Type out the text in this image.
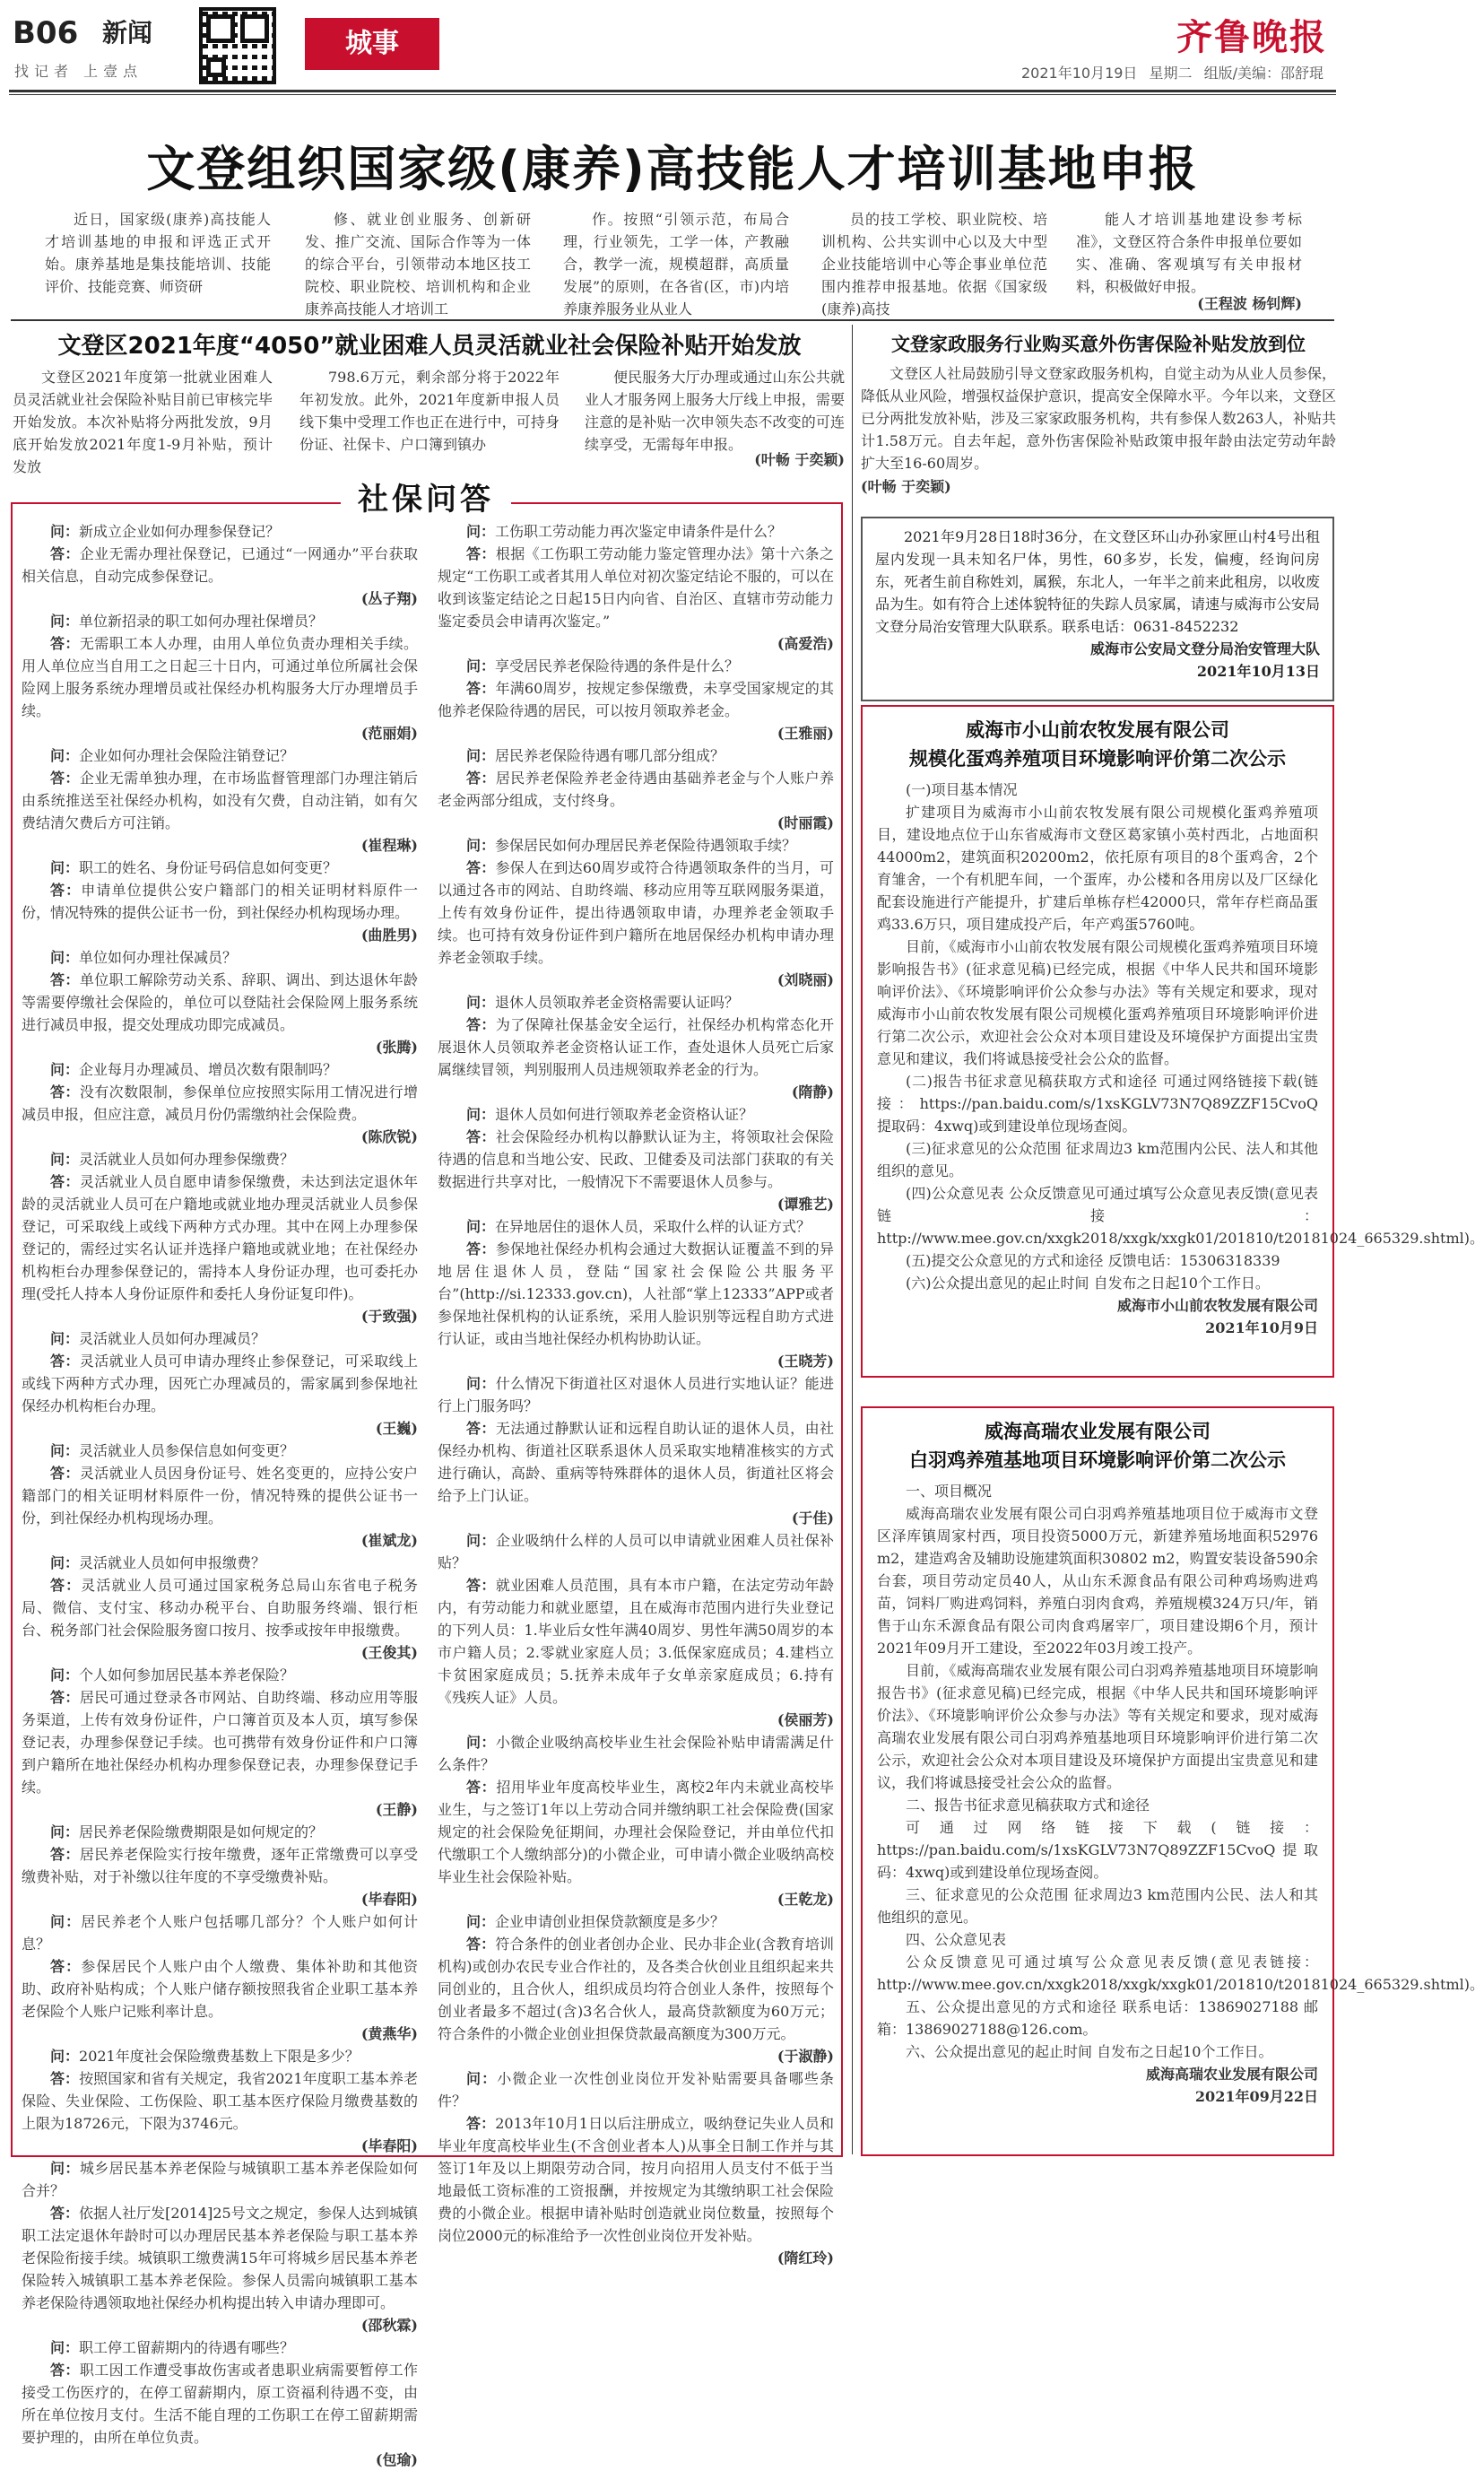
B06 新闻
找记者 上壹点
城事	齐鲁晚报
2021年10月19日 星期二 组版/美编：邵舒琨
文登组织国家级(康养)高技能人才培训基地申报

近日，国家级(康养)高技能人才培训基地的申报和评选正式开始。康养基地是集技能培训、技能评价、技能竞赛、师资研

修、就业创业服务、创新研发、推广交流、国际合作等为一体的综合平台，引领带动本地区技工院校、职业院校、培训机构和企业康养高技能人才培训工

作。按照“引领示范，布局合理，行业领先，工学一体，产教融合，教学一流，规模超群，高质量发展”的原则，在各省(区，市)内培养康养服务业从业人

员的技工学校、职业院校、培训机构、公共实训中心以及大中型企业技能培训中心等企事业单位范围内推荐申报基地。依据《国家级(康养)高技

能人才培训基地建设参考标准》，文登区符合条件申报单位要如实、准确、客观填写有关申报材料，积极做好申报。

(王程波 杨钊辉)
文登区2021年度“4050”就业困难人员灵活就业社会保险补贴开始发放

文登区2021年度第一批就业困难人员灵活就业社会保险补贴目前已审核完毕开始发放。本次补贴将分两批发放，9月底开始发放2021年度1-9月补贴，预计发放

798.6万元，剩余部分将于2022年年初发放。此外，2021年度新申报人员线下集中受理工作也正在进行中，可持身份证、社保卡、户口簿到镇办

便民服务大厅办理或通过山东公共就业人才服务网上服务大厅线上申报，需要注意的是补贴一次申领失态不改变的可连续享受，无需每年申报。

(叶畅 于奕颖)
社保问答

问：新成立企业如何办理参保登记？

答：企业无需办理社保登记，已通过“一网通办”平台获取相关信息，自动完成参保登记。

(丛子翔)

问：单位新招录的职工如何办理社保增员？

答：无需职工本人办理，由用人单位负责办理相关手续。用人单位应当自用工之日起三十日内，可通过单位所属社会保险网上服务系统办理增员或社保经办机构服务大厅办理增员手续。

(范丽娟)

问：企业如何办理社会保险注销登记？

答：企业无需单独办理，在市场监督管理部门办理注销后由系统推送至社保经办机构，如没有欠费，自动注销，如有欠费结清欠费后方可注销。

(崔程琳)

问：职工的姓名、身份证号码信息如何变更？

答：申请单位提供公安户籍部门的相关证明材料原件一份，情况特殊的提供公证书一份，到社保经办机构现场办理。

(曲胜男)

问：单位如何办理社保减员？

答：单位职工解除劳动关系、辞职、调出、到达退休年龄等需要停缴社会保险的，单位可以登陆社会保险网上服务系统进行减员申报，提交处理成功即完成减员。

(张腾)

问：企业每月办理减员、增员次数有限制吗？

答：没有次数限制，参保单位应按照实际用工情况进行增减员申报，但应注意，减员月份仍需缴纳社会保险费。

(陈欣锐)

问：灵活就业人员如何办理参保缴费？

答：灵活就业人员自愿申请参保缴费，未达到法定退休年龄的灵活就业人员可在户籍地或就业地办理灵活就业人员参保登记，可采取线上或线下两种方式办理。其中在网上办理参保登记的，需经过实名认证并选择户籍地或就业地；在社保经办机构柜台办理参保登记的，需持本人身份证办理，也可委托办理(受托人持本人身份证原件和委托人身份证复印件)。

(于致强)

问：灵活就业人员如何办理减员？

答：灵活就业人员可申请办理终止参保登记，可采取线上或线下两种方式办理，因死亡办理减员的，需家属到参保地社保经办机构柜台办理。

(王巍)

问：灵活就业人员参保信息如何变更？

答：灵活就业人员因身份证号、姓名变更的，应持公安户籍部门的相关证明材料原件一份，情况特殊的提供公证书一份，到社保经办机构现场办理。

(崔斌龙)

问：灵活就业人员如何申报缴费？

答：灵活就业人员可通过国家税务总局山东省电子税务局、微信、支付宝、移动办税平台、自助服务终端、银行柜台、税务部门社会保险服务窗口按月、按季或按年申报缴费。

(王俊其)

问：个人如何参加居民基本养老保险？

答：居民可通过登录各市网站、自助终端、移动应用等服务渠道，上传有效身份证件，户口簿首页及本人页，填写参保登记表，办理参保登记手续。也可携带有效身份证件和户口簿到户籍所在地社保经办机构办理参保登记表，办理参保登记手续。

(王静)

问：居民养老保险缴费期限是如何规定的？

答：居民养老保险实行按年缴费，逐年正常缴费可以享受缴费补贴，对于补缴以往年度的不享受缴费补贴。

(毕春阳)

问：居民养老个人账户包括哪几部分？个人账户如何计息？

答：参保居民个人账户由个人缴费、集体补助和其他资助、政府补贴构成；个人账户储存额按照我省企业职工基本养老保险个人账户记账利率计息。

(黄燕华)

问：2021年度社会保险缴费基数上下限是多少？

答：按照国家和省有关规定，我省2021年度职工基本养老保险、失业保险、工伤保险、职工基本医疗保险月缴费基数的上限为18726元，下限为3746元。

(毕春阳)

问：城乡居民基本养老保险与城镇职工基本养老保险如何合并？

答：依据人社厅发[2014]25号文之规定，参保人达到城镇职工法定退休年龄时可以办理居民基本养老保险与职工基本养老保险衔接手续。城镇职工缴费满15年可将城乡居民基本养老保险转入城镇职工基本养老保险。参保人员需向城镇职工基本养老保险待遇领取地社保经办机构提出转入申请办理即可。

(邵秋霖)

问：职工停工留薪期内的待遇有哪些？

答：职工因工作遭受事故伤害或者患职业病需要暂停工作接受工伤医疗的，在停工留薪期内，原工资福利待遇不变，由所在单位按月支付。生活不能自理的工伤职工在停工留薪期需要护理的，由所在单位负责。

(包瑜)

问：工伤职工劳动能力再次鉴定申请条件是什么？

答：根据《工伤职工劳动能力鉴定管理办法》第十六条之规定“工伤职工或者其用人单位对初次鉴定结论不服的，可以在收到该鉴定结论之日起15日内向省、自治区、直辖市劳动能力鉴定委员会申请再次鉴定。”

(高爱浩)

问：享受居民养老保险待遇的条件是什么？

答：年满60周岁，按规定参保缴费，未享受国家规定的其他养老保险待遇的居民，可以按月领取养老金。

(王雅丽)

问：居民养老保险待遇有哪几部分组成？

答：居民养老保险养老金待遇由基础养老金与个人账户养老金两部分组成，支付终身。

(时丽霞)

问：参保居民如何办理居民养老保险待遇领取手续？

答：参保人在到达60周岁或符合待遇领取条件的当月，可以通过各市的网站、自助终端、移动应用等互联网服务渠道，上传有效身份证件，提出待遇领取申请，办理养老金领取手续。也可持有效身份证件到户籍所在地居保经办机构申请办理养老金领取手续。

(刘晓丽)

问：退休人员领取养老金资格需要认证吗？

答：为了保障社保基金安全运行，社保经办机构常态化开展退休人员领取养老金资格认证工作，查处退休人员死亡后家属继续冒领，判别服刑人员违规领取养老金的行为。

(隋静)

问：退休人员如何进行领取养老金资格认证？

答：社会保险经办机构以静默认证为主，将领取社会保险待遇的信息和当地公安、民政、卫健委及司法部门获取的有关数据进行共享对比，一般情况下不需要退休人员参与。

(谭雅艺)

问：在异地居住的退休人员，采取什么样的认证方式？

答：参保地社保经办机构会通过大数据认证覆盖不到的异地居住退休人员，登陆“国家社会保险公共服务平台”(http://si.12333.gov.cn)，人社部“掌上12333”APP或者参保地社保机构的认证系统，采用人脸识别等远程自助方式进行认证，或由当地社保经办机构协助认证。

(王晓芳)

问：什么情况下街道社区对退休人员进行实地认证？能进行上门服务吗？

答：无法通过静默认证和远程自助认证的退休人员，由社保经办机构、街道社区联系退休人员采取实地精准核实的方式进行确认，高龄、重病等特殊群体的退休人员，街道社区将会给予上门认证。

(于佳)

问：企业吸纳什么样的人员可以申请就业困难人员社保补贴？

答：就业困难人员范围，具有本市户籍，在法定劳动年龄内，有劳动能力和就业愿望，且在威海市范围内进行失业登记的下列人员：1.毕业后女性年满40周岁、男性年满50周岁的本市户籍人员；2.零就业家庭人员；3.低保家庭成员；4.建档立卡贫困家庭成员；5.抚养未成年子女单亲家庭成员；6.持有《残疾人证》人员。

(侯丽芳)

问：小微企业吸纳高校毕业生社会保险补贴申请需满足什么条件？

答：招用毕业年度高校毕业生，离校2年内未就业高校毕业生，与之签订1年以上劳动合同并缴纳职工社会保险费(国家规定的社会保险免征期间，办理社会保险登记，并由单位代扣代缴职工个人缴纳部分)的小微企业，可申请小微企业吸纳高校毕业生社会保险补贴。

(王乾龙)

问：企业申请创业担保贷款额度是多少？

答：符合条件的创业者创办企业、民办非企业(含教育培训机构)或创办农民专业合作社的，及各类合伙创业且组织起来共同创业的，且合伙人，组织成员均符合创业人条件，按照每个创业者最多不超过(含)3名合伙人，最高贷款额度为60万元；符合条件的小微企业创业担保贷款最高额度为300万元。

(于淑静)

问：小微企业一次性创业岗位开发补贴需要具备哪些条件？

答：2013年10月1日以后注册成立，吸纳登记失业人员和毕业年度高校毕业生(不含创业者本人)从事全日制工作并与其签订1年及以上期限劳动合同，按月向招用人员支付不低于当地最低工资标准的工资报酬，并按规定为其缴纳职工社会保险费的小微企业。根据申请补贴时创造就业岗位数量，按照每个岗位2000元的标准给予一次性创业岗位开发补贴。

(隋红玲)

文登家政服务行业购买意外伤害保险补贴发放到位

文登区人社局鼓励引导文登家政服务机构，自觉主动为从业人员参保，降低从业风险，增强权益保护意识，提高安全保障水平。今年以来，文登区已分两批发放补贴，涉及三家家政服务机构，共有参保人数263人，补贴共计1.58万元。自去年起，意外伤害保险补贴政策申报年龄由法定劳动年龄扩大至16-60周岁。

(叶畅 于奕颖)

2021年9月28日18时36分，在文登区环山办孙家匣山村4号出租屋内发现一具未知名尸体，男性，60多岁，长发，偏瘦，经询问房东，死者生前自称姓刘，属猴，东北人，一年半之前来此租房，以收废品为生。如有符合上述体貌特征的失踪人员家属，请速与威海市公安局文登分局治安管理大队联系。联系电话：0631-8452232

威海市公安局文登分局治安管理大队

2021年10月13日

威海市小山前农牧发展有限公司
规模化蛋鸡养殖项目环境影响评价第二次公示

(一)项目基本情况

扩建项目为威海市小山前农牧发展有限公司规模化蛋鸡养殖项目，建设地点位于山东省威海市文登区葛家镇小英村西北，占地面积44000m2，建筑面积20200m2，依托原有项目的8个蛋鸡舍，2个育雏舍，一个有机肥车间，一个蛋库，办公楼和各用房以及厂区绿化配套设施进行产能提升，扩建后单栋存栏42000只，常年存栏商品蛋鸡33.6万只，项目建成投产后，年产鸡蛋5760吨。

目前，《威海市小山前农牧发展有限公司规模化蛋鸡养殖项目环境影响报告书》(征求意见稿)已经完成，根据《中华人民共和国环境影响评价法》、《环境影响评价公众参与办法》等有关规定和要求，现对威海市小山前农牧发展有限公司规模化蛋鸡养殖项目环境影响评价进行第二次公示，欢迎社会公众对本项目建设及环境保护方面提出宝贵意见和建议，我们将诚恳接受社会公众的监督。

(二)报告书征求意见稿获取方式和途径 可通过网络链接下载(链接：https://pan.baidu.com/s/1xsKGLV73N7Q89ZZF15CvoQ提取码：4xwq)或到建设单位现场查阅。

(三)征求意见的公众范围 征求周边3 km范围内公民、法人和其他组织的意见。

(四)公众意见表 公众反馈意见可通过填写公众意见表反馈(意见表链接：http://www.mee.gov.cn/xxgk2018/xxgk/xxgk01/201810/t20181024_665329.shtml)。

(五)提交公众意见的方式和途径 反馈电话：15306318339

(六)公众提出意见的起止时间 自发布之日起10个工作日。

威海市小山前农牧发展有限公司

2021年10月9日

威海高瑞农业发展有限公司
白羽鸡养殖基地项目环境影响评价第二次公示

一、项目概况

威海高瑞农业发展有限公司白羽鸡养殖基地项目位于威海市文登区泽库镇周家村西，项目投资5000万元，新建养殖场地面积52976 m2，建造鸡舍及辅助设施建筑面积30802 m2，购置安装设备590余台套，项目劳动定员40人，从山东禾源食品有限公司种鸡场购进鸡苗，饲料厂购进鸡饲料，养殖白羽肉食鸡，养殖规模324万只/年，销售于山东禾源食品有限公司肉食鸡屠宰厂，项目建设期6个月，预计2021年09月开工建设，至2022年03月竣工投产。

目前，《威海高瑞农业发展有限公司白羽鸡养殖基地项目环境影响报告书》(征求意见稿)已经完成，根据《中华人民共和国环境影响评价法》、《环境影响评价公众参与办法》等有关规定和要求，现对威海高瑞农业发展有限公司白羽鸡养殖基地项目环境影响评价进行第二次公示，欢迎社会公众对本项目建设及环境保护方面提出宝贵意见和建议，我们将诚恳接受社会公众的监督。

二、报告书征求意见稿获取方式和途径

可通过网络链接下载(链接：https://pan.baidu.com/s/1xsKGLV73N7Q89ZZF15CvoQ提取码：4xwq)或到建设单位现场查阅。

三、征求意见的公众范围 征求周边3 km范围内公民、法人和其他组织的意见。

四、公众意见表

公众反馈意见可通过填写公众意见表反馈(意见表链接：http://www.mee.gov.cn/xxgk2018/xxgk/xxgk01/201810/t20181024_665329.shtml)。

五、公众提出意见的方式和途径 联系电话：13869027188 邮箱：13869027188@126.com。

六、公众提出意见的起止时间 自发布之日起10个工作日。

威海高瑞农业发展有限公司

2021年09月22日
